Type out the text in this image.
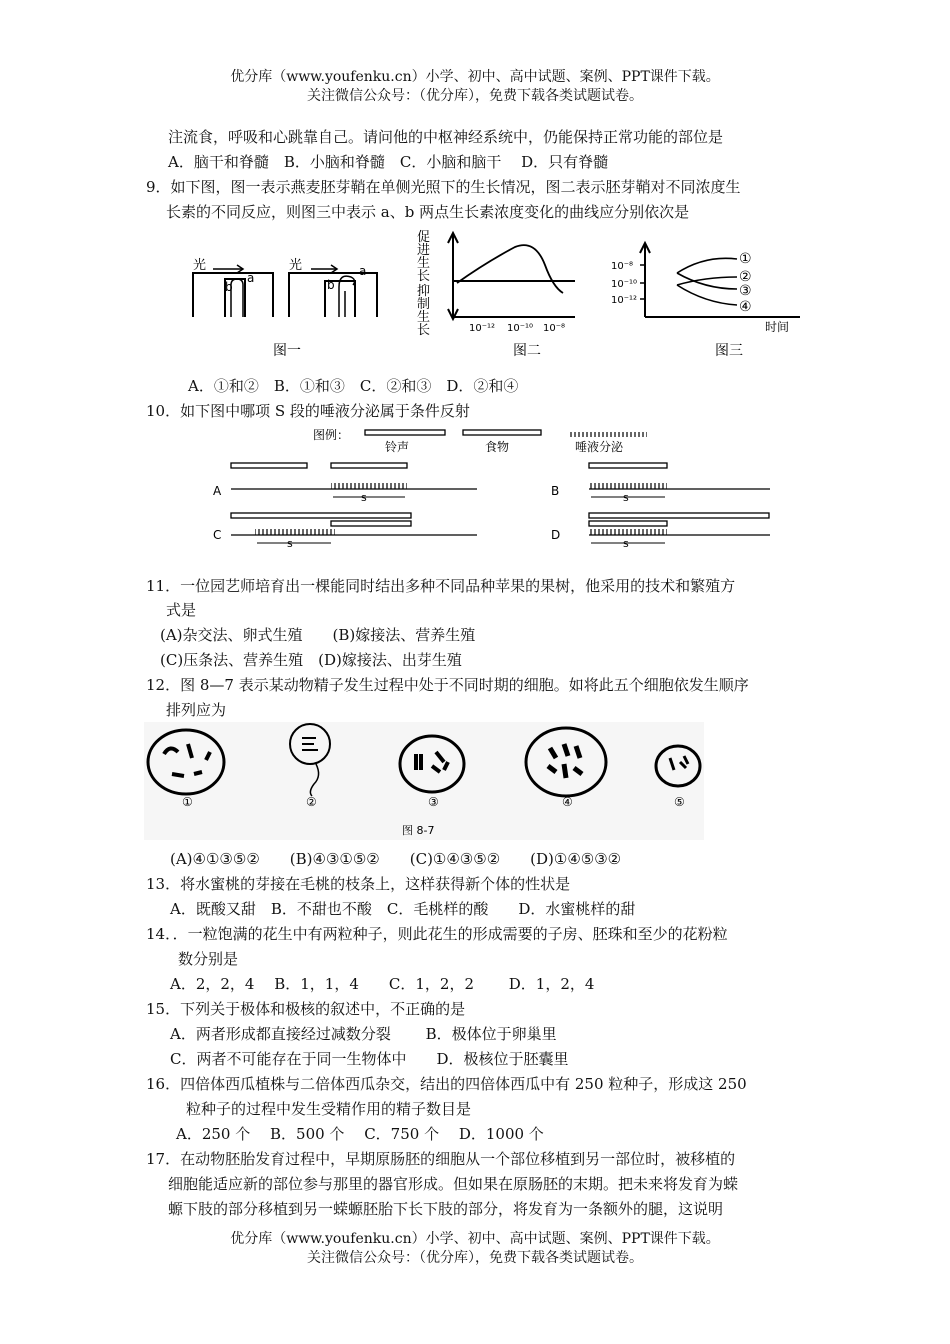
优分库（www.youfenku.cn）小学、初中、高中试题、案例、PPT课件下载。
关注微信公众号：（优分库），免费下载各类试题试卷。
注流食，呼吸和心跳靠自己。请问他的中枢神经系统中，仍能保持正常功能的部位是
A．脑干和脊髓　B．小脑和脊髓　C．小脑和脑干　 D．只有脊髓
9．如下图，图一表示燕麦胚芽鞘在单侧光照下的生长情况，图二表示胚芽鞘对不同浓度生
长素的不同反应，则图三中表示 a、b 两点生长素浓度变化的曲线应分别依次是
光	光
a
b
a
b
图一
促
进
生
长
抑
制
生
长	10⁻¹² 10⁻¹⁰ 10⁻⁸
图二
10⁻⁸
10⁻¹⁰
10⁻¹²
①
②
③
④
时间
图三
A．①和②　B．①和③　C．②和③　D．②和④
10．如下图中哪项 S 段的唾液分泌属于条件反射
图例：
铃声	食物	唾液分泌
A	s	B	s
C
s
D
s
11．一位园艺师培育出一棵能同时结出多种不同品种苹果的果树，他采用的技术和繁殖方
式是
(A)杂交法、卵式生殖　　(B)嫁接法、营养生殖
(C)压条法、营养生殖　(D)嫁接法、出芽生殖
12．图 8—7 表示某动物精子发生过程中处于不同时期的细胞。如将此五个细胞依发生顺序
排列应为
①	②	③	④	⑤
图 8-7
(A)④①③⑤②　　(B)④③①⑤②　　(C)①④③⑤②　　(D)①④⑤③②
13．将水蜜桃的芽接在毛桃的枝条上，这样获得新个体的性状是
A．既酸又甜　B．不甜也不酸　C．毛桃样的酸　　D．水蜜桃样的甜
14．．一粒饱满的花生中有两粒种子，则此花生的形成需要的子房、胚珠和至少的花粉粒
数分别是
A．2，2，4　 B．1，1，4　　C．1，2，2　　 D．1，2，4
15．下列关于极体和极核的叙述中，不正确的是
A．两者形成都直接经过减数分裂　　 B．极体位于卵巢里
C．两者不可能存在于同一生物体中　　D．极核位于胚囊里
16．四倍体西瓜植株与二倍体西瓜杂交，结出的四倍体西瓜中有 250 粒种子，形成这 250
粒种子的过程中发生受精作用的精子数目是
A．250 个　 B．500 个　 C．750 个　 D．1000 个
17．在动物胚胎发育过程中，早期原肠胚的细胞从一个部位移植到另一部位时，被移植的
细胞能适应新的部位参与那里的器官形成。但如果在原肠胚的末期。把未来将发育为蝾
螈下肢的部分移植到另一蝾螈胚胎下长下肢的部分，将发育为一条额外的腿，这说明
优分库（www.youfenku.cn）小学、初中、高中试题、案例、PPT课件下载。
关注微信公众号：（优分库），免费下载各类试题试卷。
